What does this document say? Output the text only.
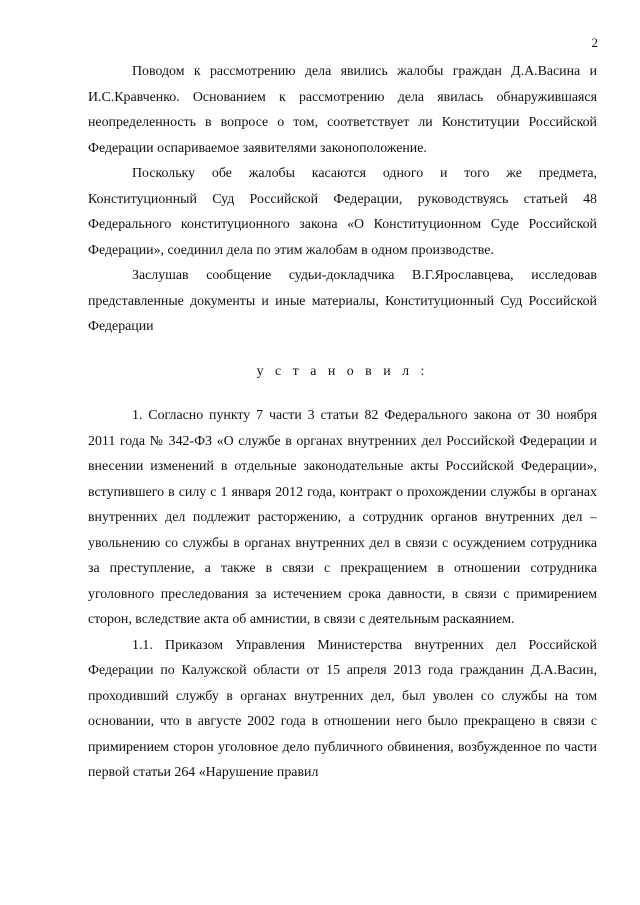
2

Поводом к рассмотрению дела явились жалобы граждан Д.А.Васина и И.С.Кравченко. Основанием к рассмотрению дела явилась обнаружившаяся неопределенность в вопросе о том, соответствует ли Конституции Российской Федерации оспариваемое заявителями законоположение.

Поскольку обе жалобы касаются одного и того же предмета, Конституционный Суд Российской Федерации, руководствуясь статьей 48 Федерального конституционного закона «О Конституционном Суде Российской Федерации», соединил дела по этим жалобам в одном производстве.

Заслушав сообщение судьи-докладчика В.Г.Ярославцева, исследовав представленные документы и иные материалы, Конституционный Суд Российской Федерации

у с т а н о в и л :

1. Согласно пункту 7 части 3 статьи 82 Федерального закона от 30 ноября 2011 года № 342-ФЗ «О службе в органах внутренних дел Российской Федерации и внесении изменений в отдельные законодательные акты Российской Федерации», вступившего в силу с 1 января 2012 года, контракт о прохождении службы в органах внутренних дел подлежит расторжению, а сотрудник органов внутренних дел – увольнению со службы в органах внутренних дел в связи с осуждением сотрудника за преступление, а также в связи с прекращением в отношении сотрудника уголовного преследования за истечением срока давности, в связи с примирением сторон, вследствие акта об амнистии, в связи с деятельным раскаянием.

1.1. Приказом Управления Министерства внутренних дел Российской Федерации по Калужской области от 15 апреля 2013 года гражданин Д.А.Васин, проходивший службу в органах внутренних дел, был уволен со службы на том основании, что в августе 2002 года в отношении него было прекращено в связи с примирением сторон уголовное дело публичного обвинения, возбужденное по части первой статьи 264 «Нарушение правил
